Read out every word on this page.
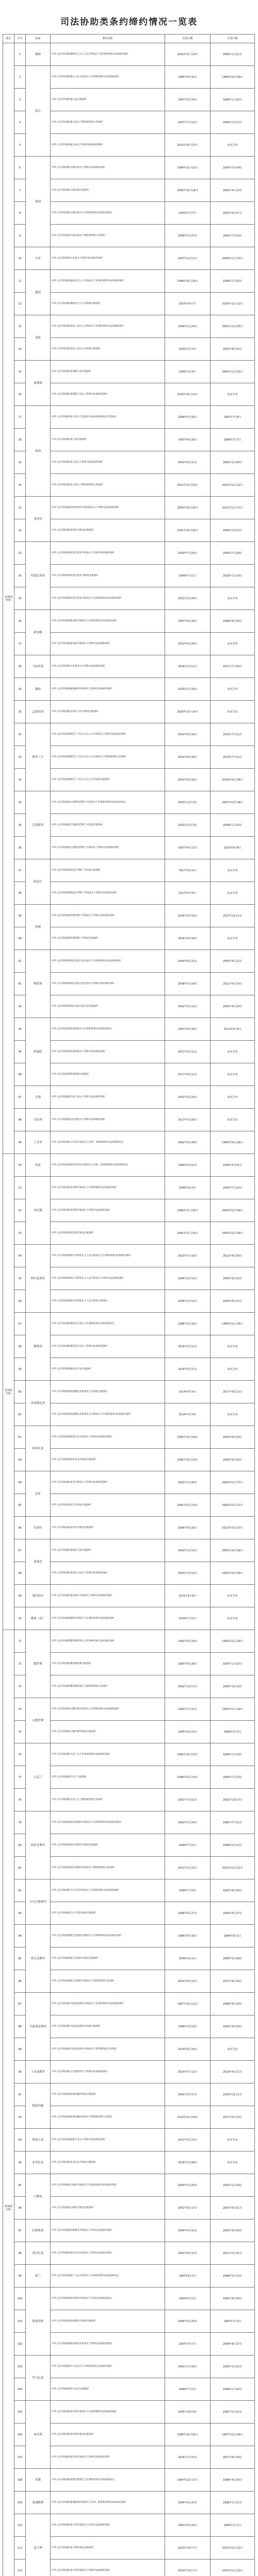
司法协助类条约缔约情况一览表
地区	序号	国家	条约名称	签署日期	生效日期
亚洲(49项)	1	朝鲜	中华人民共和国和朝鲜民主主义人民共和国关于民事和刑事司法协助的条约	2003年11月19日	2006年1月21日
	2	蒙古	中华人民共和国和蒙古人民共和国关于民事和刑事司法协助的条约	1989年8月31日	1990年10月29日
	3		中华人民共和国和蒙古国引渡条约	1997年5月19日	1999年1月10日
	4		中华人民共和国和蒙古国关于移管被判刑人的条约	2007年7月12日	2009年3月12日
	5		中华人民共和国和蒙古国关于刑事司法协助的条约	2023年10月17日	尚未生效
	6	韩国	中华人民共和国和大韩民国关于刑事司法协助的条约	1998年11月12日	2000年3月24日
	7		中华人民共和国和大韩民国引渡条约	2000年10月18日	2002年4月12日
	8		中华人民共和国和大韩民国关于民事和商事司法协助的条约	2003年7月7日	2005年4月27日
	9		中华人民共和国和大韩民国关于移管被判刑人的条约	2008年5月27日	2009年7月24日
	10	日本	中华人民共和国和日本国关于刑事司法协助的条约	2007年12月1日	2008年11月23日
	11	越南	中华人民共和国和越南社会主义共和国关于民事和刑事司法协助的条约	1998年10月19日	1999年7月25日
	12		中华人民共和国和越南社会主义共和国引渡条约	2015年4月7日	2019年12月12日
	13	老挝	中华人民共和国和老挝人民民主共和国关于民事和刑事司法协助的条约	1999年1月25日	2001年12月15日
	14		中华人民共和国和老挝人民民主共和国引渡条约	2002年2月4日	2003年8月13日
	15	柬埔寨	中华人民共和国和柬埔寨王国引渡条约	1999年2月9日	2000年12月13日
	16		中华人民共和国和柬埔寨王国关于刑事司法协助的条约	2016年10月13日	尚未生效
	17	泰国	中华人民共和国和泰王国关于民商事司法协助和仲裁合作的协定	1994年3月16日	1997年7月6日
	18		中华人民共和国和泰王国引渡条约	1993年8月26日	1999年3月7日
	19		中华人民共和国和泰王国关于刑事司法协助的条约	2003年6月21日	2005年2月20日
	20		中华人民共和国和泰王国关于移管被判刑人的条约	2011年12月22日	2012年12月13日
	21	菲律宾	中华人民共和国政府和菲律宾共和国政府关于刑事司法协助的条约	2000年10月16日	2012年11月17日
	22		中华人民共和国和菲律宾共和国引渡条约	2001年10月30日	2006年3月12日
	23	印度尼西亚	中华人民共和国和印度尼西亚共和国关于刑事司法协助的条约	2000年7月24日	2006年7月28日
	24		中华人民共和国和印度尼西亚共和国引渡条约	2009年7月1日	2018年1月19日
	25		中华人民共和国和印度尼西亚共和国关于民事和商事司法协助的条约	2015年3月26日	尚未生效
	26	新加坡	中华人民共和国和新加坡共和国关于民事和商事司法协助的条约	1997年4月28日	1999年6月29日
	27		中华人民共和国和新加坡共和国关于刑事司法协助的条约	2019年4月29日	尚未生效
	28	马来西亚	中华人民共和国和马来西亚关于刑事司法协助的条约	2016年11月1日	2017年7月30日
	29	缅甸	中华人民共和国和缅甸联邦共和国关于刑事司法协助的条约	2020年1月18日	尚未生效
	30	孟加拉国	中华人民共和国和孟加拉人民共和国引渡条约	2016年10月14日	尚未生效
	31	斯里兰卡	中华人民共和国和斯里兰卡民主社会主义共和国关于刑事司法协助的条约	2014年9月16日	2015年7月11日
	32		中华人民共和国和斯里兰卡民主社会主义共和国关于移管被判刑人的条约	2014年9月16日	2015年7月11日
	33		中华人民共和国和斯里兰卡民主社会主义共和国引渡条约	2014年9月16日	2016年10月28日
	34	巴基斯坦	中华人民共和国和巴基斯坦伊斯兰共和国关于民事和商事司法协助的协定	2003年11月3日	2007年12月18日
	35		中华人民共和国和巴基斯坦伊斯兰共和国引渡条约	2003年11月3日	2008年1月10日
	36		中华人民共和国和巴基斯坦伊斯兰共和国关于刑事司法协助的条约	2007年4月17日	2010年8月6日
	37	阿富汗	中华人民共和国和阿富汗伊斯兰共和国引渡条约	2017年9月9日	尚未生效
	38		中华人民共和国和阿富汗伊斯兰共和国关于刑事司法协助的条约	2017年9月9日	尚未生效
	39	伊朗	中华人民共和国和伊朗伊斯兰共和国关于刑事司法协助的条约	2016年9月19日	2017年12月1日
	40		中华人民共和国和伊朗伊斯兰共和国引渡条约	2016年9月19日	尚未生效
	41	阿联酋	中华人民共和国和阿拉伯联合酋长国关于民事和商事司法协助的协定	2004年4月21日	2005年4月12日
	42		中华人民共和国和阿拉伯联合酋长国关于刑事司法协助的条约	2008年5月14日	2011年5月14日
	43		中华人民共和国和阿拉伯联合酋长国引渡条约	2002年5月13日	2004年5月24日
	44	科威特	中华人民共和国和科威特国关于民事和商事司法协助的协定	2007年6月18日	2013年6月6日
	45		中华人民共和国和科威特国关于刑事司法协助的条约	2017年9月11日	尚未生效
	46		中华人民共和国和科威特国引渡条约	2017年9月11日	尚未生效
	47	巴林	中华人民共和国和巴林王国关于刑事司法协助的条约	2002年5月24日	尚未生效
	48	以色列	中华人民共和国和以色列国关于刑事司法协助的条约	2017年3月20日	尚未生效
	49	土耳其	中华人民共和国和土耳其共和国关于民事、商事和刑事司法协助的协定	1992年9月28日	1995年10月26日
非洲(21项)	50	埃及	中华人民共和国和阿拉伯埃及共和国关于民事、商事和刑事司法协助的协定	1994年4月21日	1995年5月31日
	51	突尼斯	中华人民共和国和突尼斯共和国关于民事和商事司法协助的条约	1999年5月4日	2000年7月20日
	52		中华人民共和国和突尼斯共和国关于刑事司法协助的条约	1999年11月30日	2000年12月30日
	53		中华人民共和国和突尼斯共和国引渡条约	2001年11月19日	2005年12月29日
	54	阿尔及利亚	中华人民共和国和阿尔及利亚民主人民共和国关于民事和商事司法协助的条约	2010年1月10日	2012年6月16日
	55		中华人民共和国和阿尔及利亚民主人民共和国关于刑事司法协助的条约	2006年11月6日	2009年9月22日
	56		中华人民共和国和阿尔及利亚民主人民共和国引渡条约	2006年11月6日	2009年9月22日
	57	摩洛哥	中华人民共和国和摩洛哥王国关于民事和商事司法协助的协定	1996年4月16日	1999年11月26日
	58		中华人民共和国和摩洛哥王国关于刑事司法协助的条约	2016年5月11日	尚未生效
	59		中华人民共和国和摩洛哥王国引渡条约	2016年5月11日	尚未生效
	60	埃塞俄比亚	中华人民共和国和埃塞俄比亚联邦民主共和国引渡条约	2014年5月4日	2017年4月13日
	61		中华人民共和国和埃塞俄比亚联邦民主共和国关于民事和商事司法协助的条约	2014年5月4日	尚未生效
	62	纳米比亚	中华人民共和国和纳米比亚共和国关于刑事司法协助的条约	2005年12月19日	2009年9月19日
	63		中华人民共和国和纳米比亚共和国引渡条约	2005年12月19日	2009年9月19日
	64	南非	中华人民共和国和南非共和国关于刑事司法协助的条约	2003年1月20日	2004年11月17日
	65		中华人民共和国和南非共和国引渡条约	2001年12月10日	2004年11月17日
	66	安哥拉	中华人民共和国和安哥拉共和国引渡条约	2006年6月20日	2013年10月17日
	67	莱索托	中华人民共和国和莱索托王国引渡条约	2003年11月6日	2005年10月30日
	68		中华人民共和国和莱索托王国关于刑事司法协助的条约	2003年11月6日	2005年10月30日
	69	塞内加尔	中华人民共和国和塞内加尔共和国关于刑事司法协助的条约	2021年6月9日	尚未生效
	70	刚果（布）	中华人民共和国和刚果共和国关于民事和商事司法协助的条约	2016年7月5日	尚未生效
欧洲(51项)	71	俄罗斯	中华人民共和国和俄罗斯联邦关于民事和刑事司法协助的条约	1992年6月19日	1993年11月14日
	72		中华人民共和国和俄罗斯联邦引渡条约	1995年6月26日	1997年1月10日
	73		中华人民共和国和俄罗斯联邦关于移管被判刑人的条约	2002年12月2日	2006年12月9日
	74	白俄罗斯	中华人民共和国和白俄罗斯共和国关于民事和刑事司法协助的条约	1993年1月11日	1993年11月29日
	75		中华人民共和国和白俄罗斯共和国引渡条约	1995年6月22日	1998年5月7日
	76	乌克兰	中华人民共和国和乌克兰关于民事和刑事司法协助的条约	1992年10月31日	1994年1月19日
	77		中华人民共和国和乌克兰引渡条约	1998年12月10日	2000年7月13日
	78		中华人民共和国和乌克兰关于移管被判刑人的条约	2001年7月21日	2002年10月3日
	79	哈萨克斯坦	中华人民共和国和哈萨克斯坦共和国关于民事和刑事司法协助的条约	1993年1月14日	1995年7月11日
	80		中华人民共和国和哈萨克斯坦共和国引渡条约	1996年7月5日	1998年2月10日
	81		中华人民共和国和哈萨克斯坦共和国关于移管被判刑人的条约	2011年2月22日	2013年12月21日
	82	吉尔吉斯斯坦	中华人民共和国和吉尔吉斯共和国关于民事和刑事司法协助的条约	1996年7月4日	1997年9月26日
	83		中华人民共和国和吉尔吉斯共和国引渡条约	1998年4月27日	2004年4月27日
	84	塔吉克斯坦	中华人民共和国和塔吉克斯坦共和国关于民事和刑事司法协助的条约	1996年9月16日	1998年9月2日
	85		中华人民共和国和塔吉克斯坦共和国引渡条约	2005年9月2日	2008年3月28日
	86		中华人民共和国和塔吉克斯坦共和国关于移管被判刑人的条约	2014年9月13日	2017年6月19日
	87	乌兹别克斯坦	中华人民共和国和乌兹别克斯坦共和国关于民事和刑事司法协助的条约	1997年12月11日	1998年8月29日
	88		中华人民共和国和乌兹别克斯坦共和国引渡条约	1999年11月8日	2000年9月29日
	89		中华人民共和国和乌兹别克斯坦共和国关于移管被判刑人的条约	2019年6月14日	尚未生效
	90	土库曼斯坦	中华人民共和国和土库曼斯坦关于刑事司法协助的条约	2014年5月12日	2019年4月11日
	91	阿塞拜疆	中华人民共和国和阿塞拜疆共和国引渡条约	2005年3月17日	2010年12月1日
	92		中华人民共和国和阿塞拜疆共和国关于移管被判刑人的条约	2015年12月10日	2017年5月19日
	93	格鲁吉亚	中华人民共和国和格鲁吉亚关于刑事司法协助的条约	2017年5月13日	尚未生效
	94	亚美尼亚	中华人民共和国和亚美尼亚共和国引渡条约	2016年3月28日	尚未生效
	95	立陶宛	中华人民共和国和立陶宛共和国关于民事和刑事司法协助的条约	2000年3月20日	2002年1月19日
	96		中华人民共和国和立陶宛共和国引渡条约	2002年6月17日	2003年6月21日
	97	拉脱维亚	中华人民共和国和拉脱维亚共和国关于刑事司法协助的条约	2004年4月15日	2005年9月18日
	98	爱沙尼亚	中华人民共和国和爱沙尼亚共和国关于刑事司法协助的条约	2002年6月12日	2011年3月31日
	99	波兰	中华人民共和国和波兰人民共和国关于民事和刑事司法协助的协定	1987年6月5日	1988年2月13日
	100	保加利亚	中华人民共和国和保加利亚共和国关于民事司法协助的协定	1993年6月2日	1995年6月30日
	101		中华人民共和国和保加利亚共和国引渡条约	1996年5月20日	1997年7月3日
	102		中华人民共和国和保加利亚共和国关于刑事司法协助的条约	2007年4月7日	2008年6月27日
	103	罗马尼亚	中华人民共和国和罗马尼亚关于民事和刑事司法协助的条约	1991年1月16日	1993年1月22日
	104		中华人民共和国和罗马尼亚引渡条约	1996年7月1日	1999年1月16日
	105	匈牙利	中华人民共和国和匈牙利共和国关于民事和商事司法协助的条约	1995年10月9日	1997年3月21日
	106		中华人民共和国和匈牙利共和国引渡条约	1996年10月31日	1997年12月29日
	107		中华人民共和国和匈牙利共和国关于刑事司法协助的条约	2016年1月15日	2017年8月16日
	108	希腊	中华人民共和国和希腊共和国关于民事和刑事司法协助的协定	1994年10月17日	1996年6月29日
	109	塞浦路斯	中华人民共和国和塞浦路斯共和国关于民事、商事和刑事司法协助的条约	1995年4月25日	1996年1月11日
	110	意大利	中华人民共和国和意大利共和国关于民事司法协助的条约	1991年5月20日	1995年1月1日
	111		中华人民共和国和意大利共和国引渡条约	2010年10月7日	2015年12月13日
	112		中华人民共和国和意大利共和国关于刑事司法协助的条约	2010年10月7日	2015年11月13日
